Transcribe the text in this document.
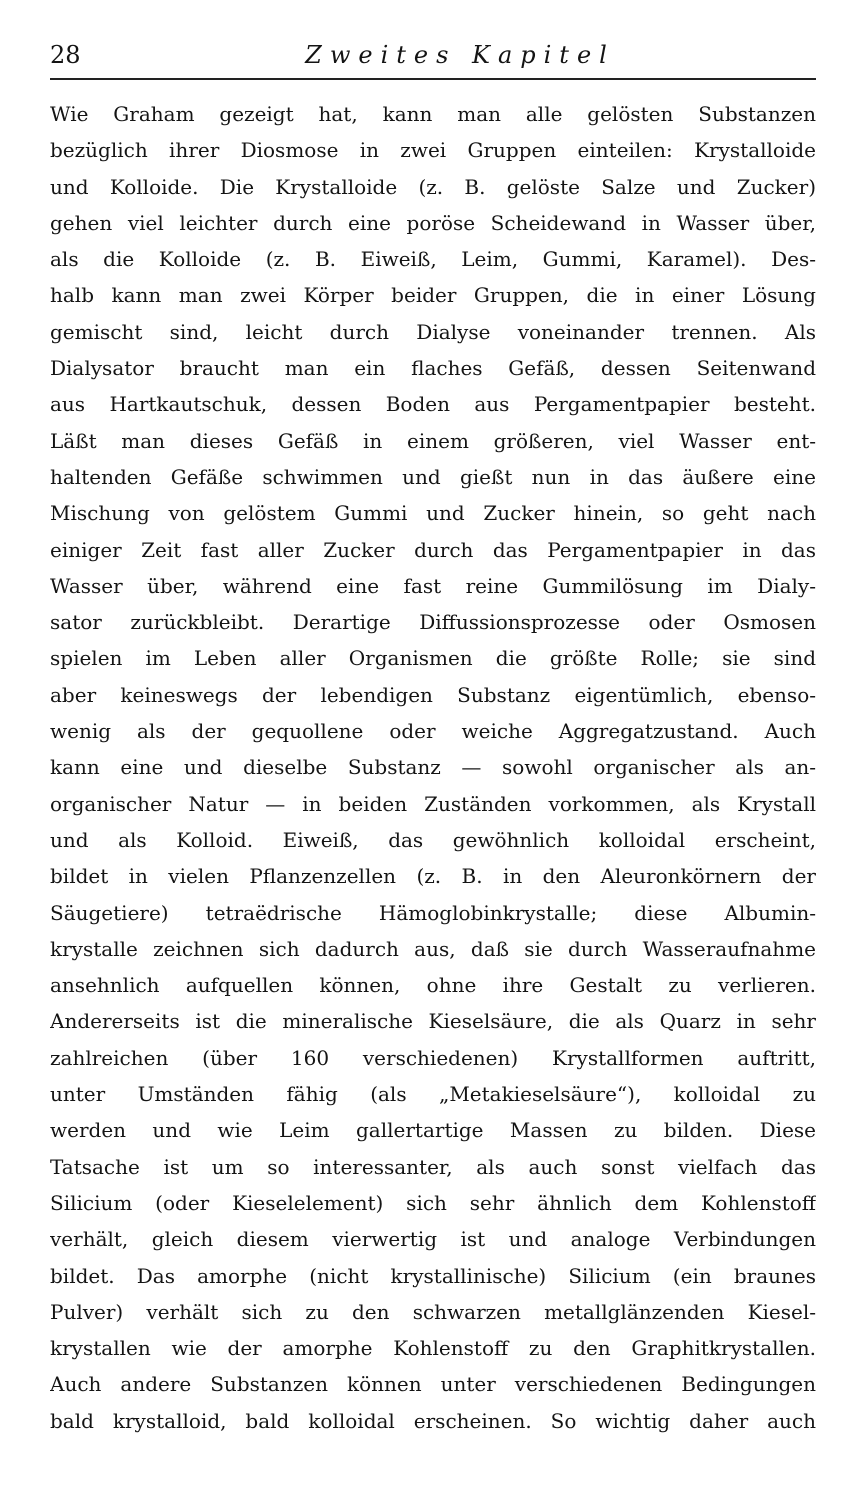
28	Zweites Kapitel
Wie Graham gezeigt hat, kann man alle gelösten Substanzen
bezüglich ihrer Diosmose in zwei Gruppen einteilen: Krystalloide
und Kolloide. Die Krystalloide (z. B. gelöste Salze und Zucker)
gehen viel leichter durch eine poröse Scheidewand in Wasser über,
als die Kolloide (z. B. Eiweiß, Leim, Gummi, Karamel). Des-
halb kann man zwei Körper beider Gruppen, die in einer Lösung
gemischt sind, leicht durch Dialyse voneinander trennen. Als
Dialysator braucht man ein flaches Gefäß, dessen Seitenwand
aus Hartkautschuk, dessen Boden aus Pergamentpapier besteht.
Läßt man dieses Gefäß in einem größeren, viel Wasser ent-
haltenden Gefäße schwimmen und gießt nun in das äußere eine
Mischung von gelöstem Gummi und Zucker hinein, so geht nach
einiger Zeit fast aller Zucker durch das Pergamentpapier in das
Wasser über, während eine fast reine Gummilösung im Dialy-
sator zurückbleibt. Derartige Diffussionsprozesse oder Osmosen
spielen im Leben aller Organismen die größte Rolle; sie sind
aber keineswegs der lebendigen Substanz eigentümlich, ebenso-
wenig als der gequollene oder weiche Aggregatzustand. Auch
kann eine und dieselbe Substanz — sowohl organischer als an-
organischer Natur — in beiden Zuständen vorkommen, als Krystall
und als Kolloid. Eiweiß, das gewöhnlich kolloidal erscheint,
bildet in vielen Pflanzenzellen (z. B. in den Aleuronkörnern der
Säugetiere) tetraëdrische Hämoglobinkrystalle; diese Albumin-
krystalle zeichnen sich dadurch aus, daß sie durch Wasseraufnahme
ansehnlich aufquellen können, ohne ihre Gestalt zu verlieren.
Andererseits ist die mineralische Kieselsäure, die als Quarz in sehr
zahlreichen (über 160 verschiedenen) Krystallformen auftritt,
unter Umständen fähig (als „Metakieselsäure“), kolloidal zu
werden und wie Leim gallertartige Massen zu bilden. Diese
Tatsache ist um so interessanter, als auch sonst vielfach das
Silicium (oder Kieselelement) sich sehr ähnlich dem Kohlenstoff
verhält, gleich diesem vierwertig ist und analoge Verbindungen
bildet. Das amorphe (nicht krystallinische) Silicium (ein braunes
Pulver) verhält sich zu den schwarzen metallglänzenden Kiesel-
krystallen wie der amorphe Kohlenstoff zu den Graphitkrystallen.
Auch andere Substanzen können unter verschiedenen Bedingungen
bald krystalloid, bald kolloidal erscheinen. So wichtig daher auch
